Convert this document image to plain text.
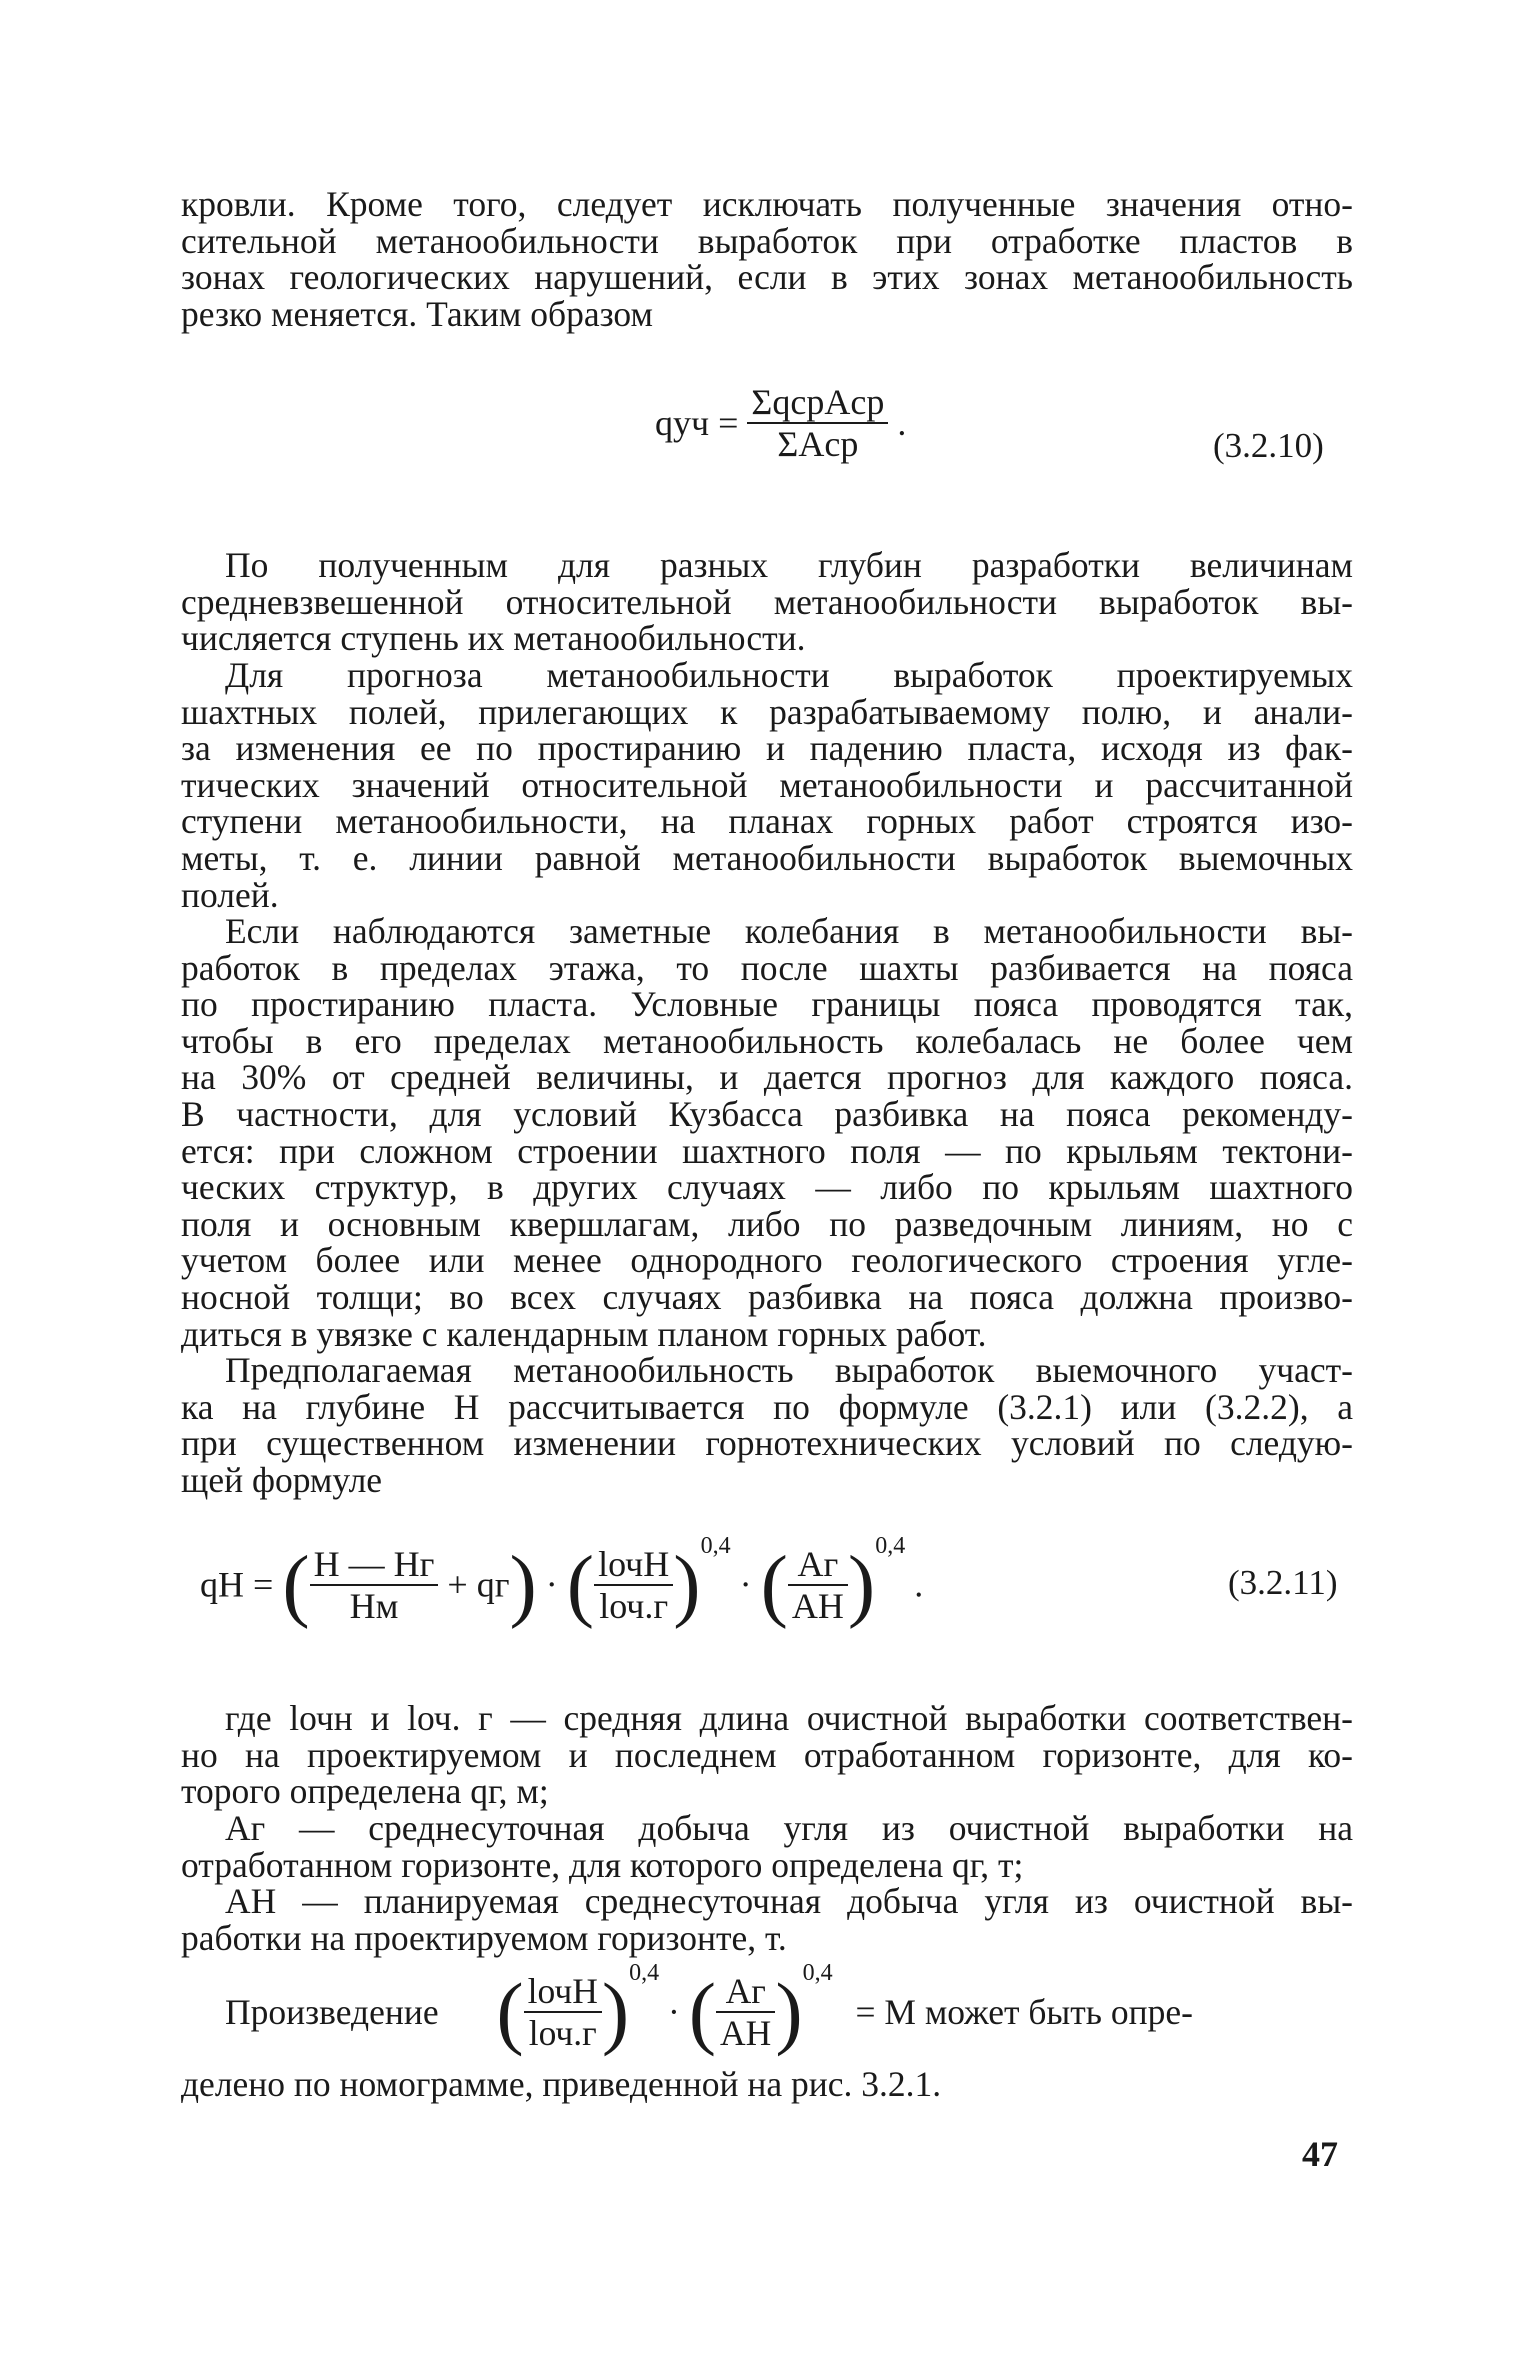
кровли. Кроме того, следует исключать полученные значения отно-
сительной метанообильности выработок при отработке пластов в
зонах геологических нарушений, если в этих зонах метанообильность
резко меняется. Таким образом
qуч = $\frac{\text{ΣqсрAср}}{\text{ΣAср}}$ .
(3.2.10)
По полученным для разных глубин разработки величинам
средневзвешенной относительной метанообильности выработок вы-
числяется ступень их метанообильности.
Для прогноза метанообильности выработок проектируемых
шахтных полей, прилегающих к разрабатываемому полю, и анали-
за изменения ее по простиранию и падению пласта, исходя из фак-
тических значений относительной метанообильности и рассчитанной
ступени метанообильности, на планах горных работ строятся изо-
меты, т. е. линии равной метанообильности выработок выемочных
полей.
Если наблюдаются заметные колебания в метанообильности вы-
работок в пределах этажа, то после шахты разбивается на пояса
по простиранию пласта. Условные границы пояса проводятся так,
чтобы в его пределах метанообильность колебалась не более чем
на 30% от средней величины, и дается прогноз для каждого пояса.
В частности, для условий Кузбасса разбивка на пояса рекоменду-
ется: при сложном строении шахтного поля — по крыльям тектони-
ческих структур, в других случаях — либо по крыльям шахтного
поля и основным квершлагам, либо по разведочным линиям, но с
учетом более или менее однородного геологического строения угле-
носной толщи; во всех случаях разбивка на пояса должна произво-
диться в увязке с календарным планом горных работ.
Предполагаемая метанообильность выработок выемочного участ-
ка на глубине H рассчитывается по формуле (3.2.1) или (3.2.2), а
при существенном изменении горнотехнических условий по следую-
щей формуле
qH = ( $\frac{H — Hг}{Hм} + qг$) · ( $\frac{\text{lочH}}{\text{lоч.г}} )^{0,4}$ · ( $\frac{Aг}{AH} )^{0,4}$ .	(3.2.11)
где lочн и lоч. г — средняя длина очистной выработки соответствен-
но на проектируемом и последнем отработанном горизонте, для ко-
торого определена qг, м;
Aг — среднесуточная добыча угля из очистной выработки на
отработанном горизонте, для которого определена qг, т;
AH — планируемая среднесуточная добыча угля из очистной вы-
работки на проектируемом горизонте, т.
Произведение ( $\frac{\text{lочH}}{\text{lоч.г}} )^{0,4}$ · ( $\frac{Aг}{AH} )^{0,4} = M$ может быть опре-
делено по номограмме, приведенной на рис. 3.2.1.
47
